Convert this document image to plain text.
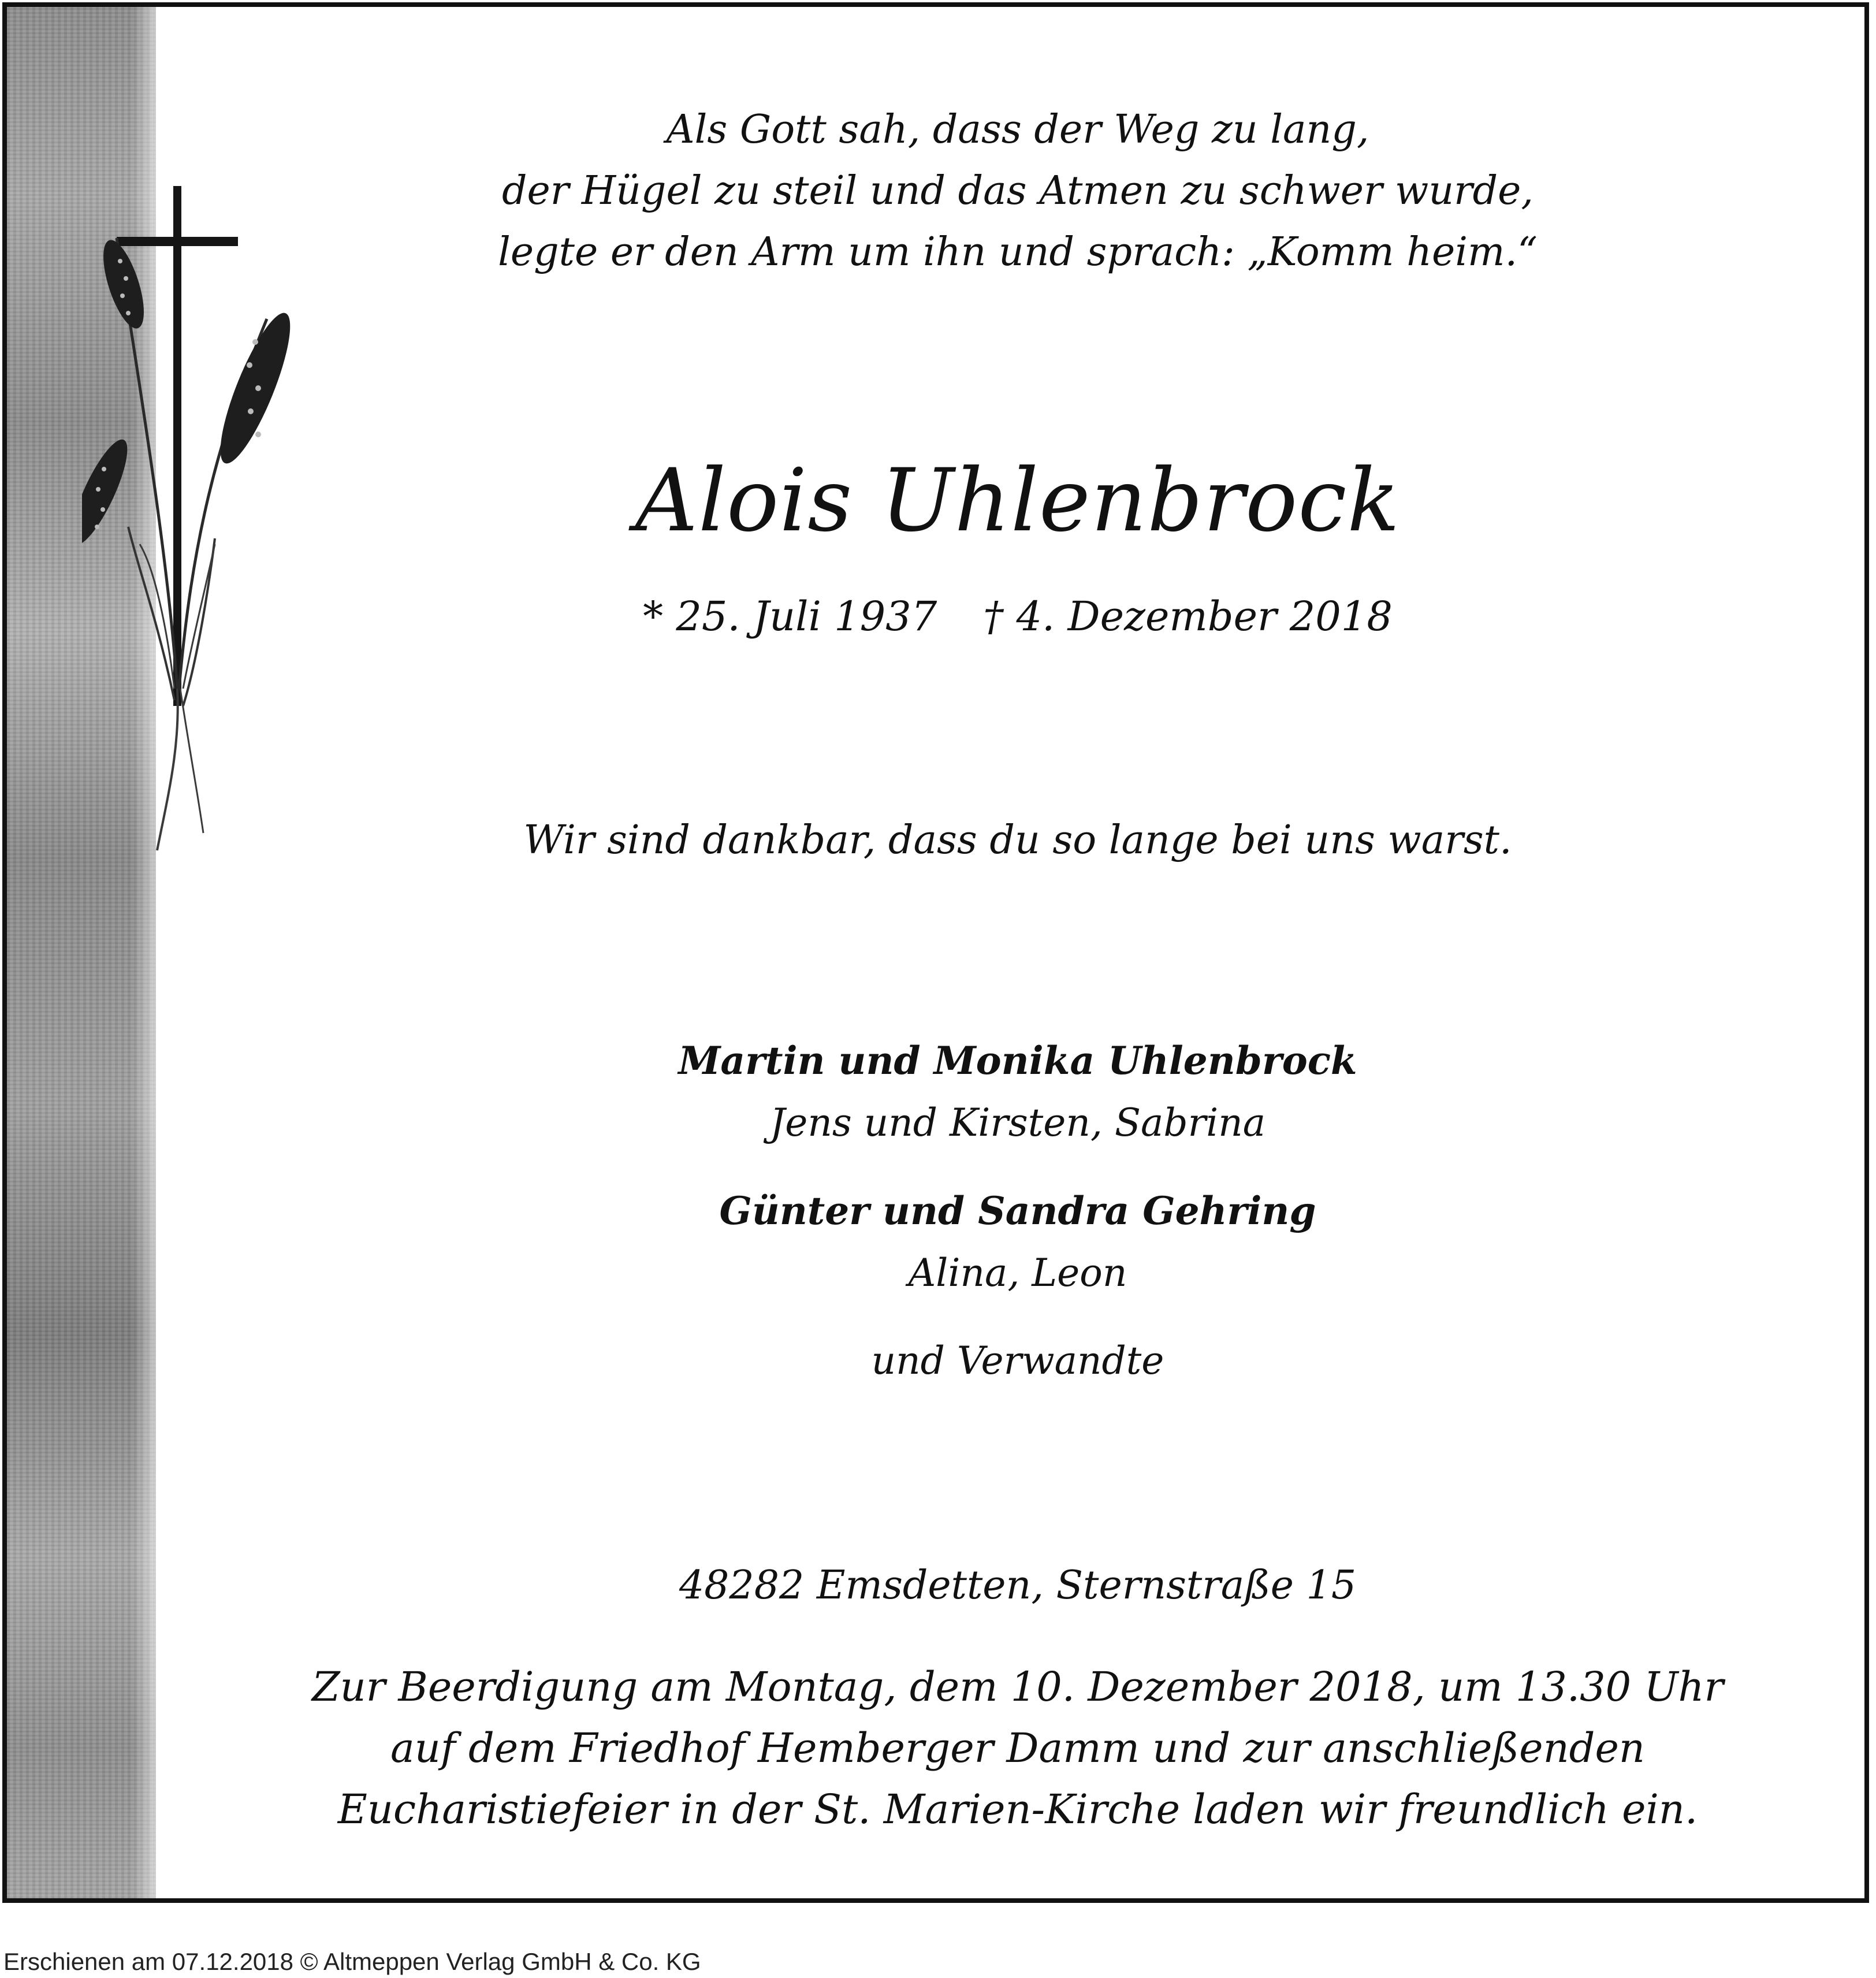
Als Gott sah, dass der Weg zu lang,
der Hügel zu steil und das Atmen zu schwer wurde,
legte er den Arm um ihn und sprach: „Komm heim.“
Alois Uhlenbrock
* 25. Juli 1937 † 4. Dezember 2018
Wir sind dankbar, dass du so lange bei uns warst.
Martin und Monika Uhlenbrock
Jens und Kirsten, Sabrina
Günter und Sandra Gehring
Alina, Leon
und Verwandte
48282 Emsdetten, Sternstraße 15
Zur Beerdigung am Montag, dem 10. Dezember 2018, um 13.30 Uhr
auf dem Friedhof Hemberger Damm und zur anschließenden
Eucharistiefeier in der St. Marien-Kirche laden wir freundlich ein.
Erschienen am 07.12.2018 © Altmeppen Verlag GmbH & Co. KG
